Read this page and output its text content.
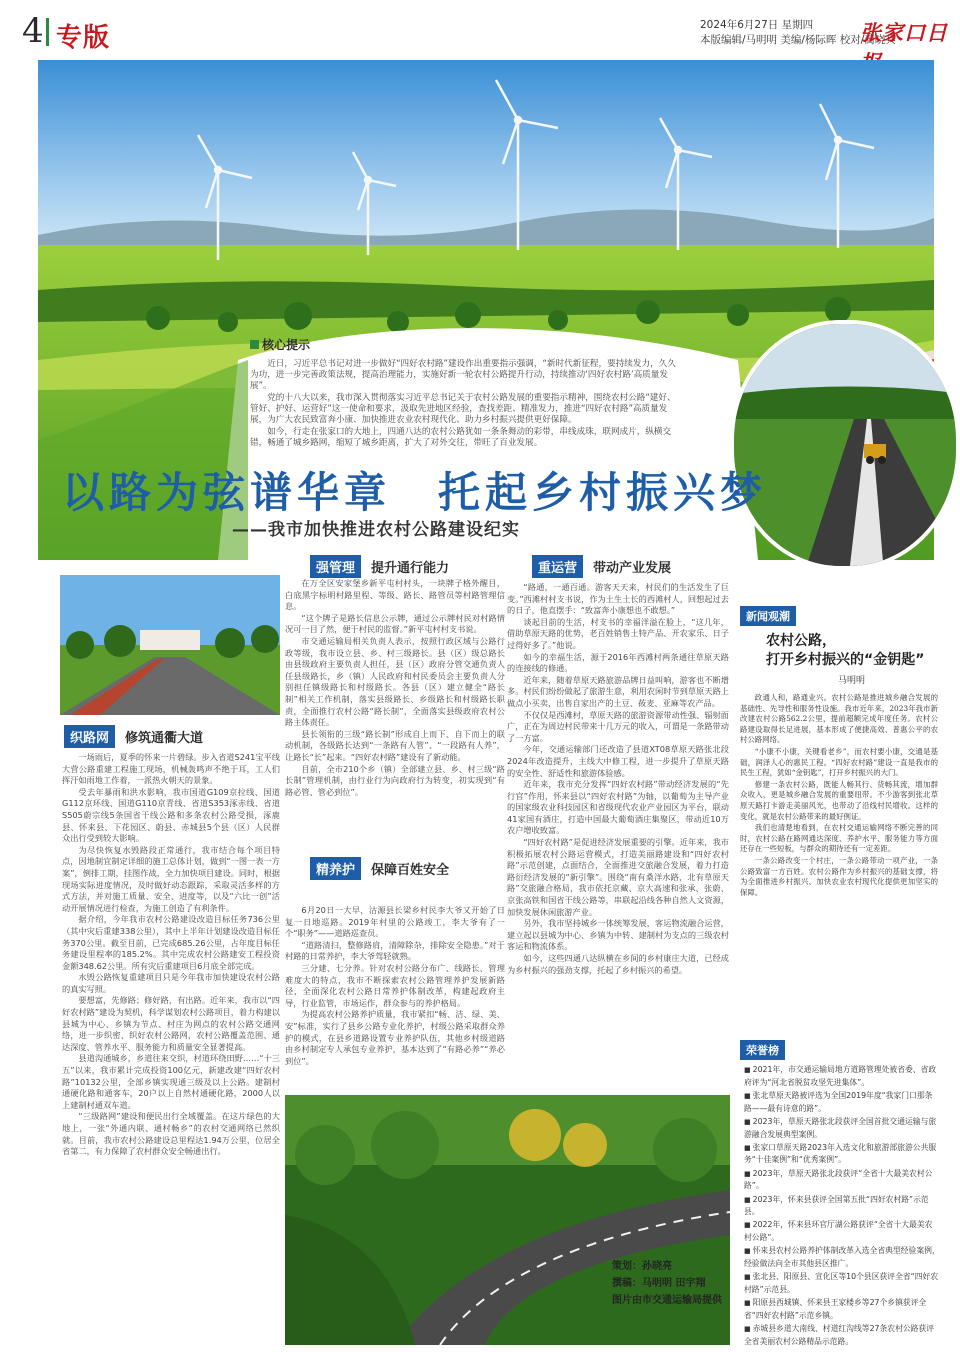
4 专版	2024年6月27日 星期四
本版编辑/马明明 美编/杨际晖 校对/蔺晓兵
张家口日
核心提示

近日，习近平总书记对进一步做好“四好农村路”建设作出重要指示强调，“新时代新征程，要持续发力，久久为功，进一步完善政策法规，提高治理能力，实施好新一轮农村公路提升行动，持续推动‘四好农村路’高质量发展”。

党的十八大以来，我市深入贯彻落实习近平总书记关于农村公路发展的重要指示精神，围绕农村公路“建好、管好、护好、运营好”这一使命和要求，汲取先进地区经验，查找差距、精准发力，推进“四好农村路”高质量发展，为广大农民致富奔小康、加快推进农业农村现代化、助力乡村振兴提供更好保障。

如今，行走在张家口的大地上，四通八达的农村公路犹如一条条舞动的彩带，串线成珠，联网成片，纵横交错，畅通了城乡路网，缩短了城乡距离，扩大了对外交往，带旺了百业发展。

以路为弦谱华章　托起乡村振兴梦
——我市加快推进农村公路建设纪实
织路网	修筑通衢大道
强管理	提升通行能力
精养护	保障百姓安全
重运营	带动产业发展

一场雨后，夏季的怀来一片碧绿。步入省道S241宝平线大营公路重建工程施工现场，机械轰鸣声不绝于耳，工人们挥汗如雨地工作着，一派热火朝天的景象。

受去年暴雨和洪水影响，我市国道G109京拉线、国道G112京环线、国道G110京青线、省道S353涿赤线、省道S505蔚宗线5条国省干线公路和多条农村公路受损，涿鹿县、怀来县、下花园区、蔚县、赤城县5个县（区）人民群众出行受到较大影响。

为尽快恢复水毁路段正常通行，我市结合每个项目特点，因地制宜制定详细的施工总体计划，做到“一图一表一方案”，倒排工期，挂图作战，全力加快项目建设。同时，根据现场实际进度情况，及时做好动态跟踪，采取灵活多样的方式方法，并对施工质量、安全、进度等，以及“六比一创”活动开展情况进行检查，为施工创造了有利条件。

据介绍，今年我市农村公路建设改造目标任务736公里（其中灾后重建338公里），其中上半年计划建设改造目标任务370公里。截至目前，已完成685.26公里，占年度目标任务建设里程率的185.2%。其中完成农村公路建安工程投资金额348.62公里。所有灾后重建项目6月底全部完成。

水毁公路恢复重建项目只是今年我市加快建设农村公路的真实写照。

要想富，先修路；修好路，有出路。近年来，我市以“四好农村路”建设为契机，科学谋划农村公路项目，着力构建以县城为中心、乡镇为节点、村庄为网点的农村公路交通网络，进一步织密、织好农村公路网，农村公路覆盖范围、通达深度、管养水平、服务能力和质量安全显著提高。

县道沟通城乡，乡道往来交织，村道环绕田野……“十三五”以来，我市累计完成投资100亿元，新建改建“四好农村路”10132公里，全部乡镇实现通三级及以上公路。建制村通硬化路和通客车，20户以上自然村通硬化路，2000人以上建制村通双车道。

“三级路网”建设和便民出行全域覆盖。在这片绿色的大地上，一张“外通内联、通村畅乡”的农村交通网络已然织就。目前，我市农村公路建设总里程达1.94万公里，位居全省第二，有力保障了农村群众安全畅通出行。

在万全区安家堡乡新平屯村村头，一块牌子格外醒目，白底黑字标明村路里程、等级、路长、路管员等村路管理信息。

“这个牌子是路长信息公示牌，通过公示牌村民对村路情况可一目了然，便于村民的监督。”新平屯村村支书说。

市交通运输局相关负责人表示，按照行政区域与公路行政等级，我市设立县、乡、村三级路长。县（区）级总路长由县级政府主要负责人担任，县（区）政府分管交通负责人任县级路长，乡（镇）人民政府和村民委员会主要负责人分别担任镇级路长和村级路长。各县（区）建立健全“路长制”相关工作机制，落实县级路长、乡级路长和村级路长职责，全面推行农村公路“路长制”，全面落实县级政府农村公路主体责任。

县长领衔的三级“路长制”形成自上而下、自下而上的联动机制，各级路长达到“一条路有人管”、“一段路有人养”，让路长“长”起来。“四好农村路”建设有了新动能。

目前，全市210个乡（镇）全部建立县、乡、村三级“路长制”管理机制，由行业行为向政府行为转变，初实现到“有路必管、管必到位”。

6月20日一大早，沽源县长梁乡村民李大爷又开始了日复一日地巡路。2019年村里的公路竣工，李大爷有了一个“职务”——道路巡查员。

“道路清扫，整修路肩，清障除杂，排除安全隐患。”对于村路的日常养护，李大爷驾轻就熟。

三分建、七分养。针对农村公路分布广、线路长、管理难度大的特点，我市不断探索农村公路管理养护发展新路径，全面深化农村公路日常养护体制改革，构建起政府主导，行业监管，市场运作，群众参与的养护格局。

为提高农村公路养护质量，我市紧扣“畅、洁、绿、美、安”标准，实行了县乡公路专业化养护，村级公路采取群众养护的模式，在县乡道路设置专业养护队伍，其他乡村级道路由乡村制定专人承包专业养护，基本达到了“有路必养”“养必到位”。

“路通，一通百通。游客天天来，村民们的生活发生了巨变。”西滩村村支书说，作为土生土长的西滩村人，回想起过去的日子，他直摆手：“致富奔小康想也不敢想。”

谈起目前的生活，村支书的幸福洋溢在脸上，“这几年，借助草原天路的优势，老百姓销售土特产品、开农家乐、日子过得好多了。”他说。

如今的幸福生活，源于2016年西滩村两条通往草原天路的连接线的修通。

近年来，随着草原天路旅游品牌日益叫响，游客也不断增多。村民们纷纷做起了旅游生意，利用农闲时节到草原天路上做点小买卖，出售自家出产的土豆、莜麦、亚麻等农产品。

不仅仅是西滩村，草原天路的旅游资源带动性强、辐射面广，正在为周边村民带来十几万元的收入，可谓是一条路带动了一方富。

今年，交通运输部门还改造了县道XT08草原天路张北段2024年改造提升，主线大中修工程，进一步提升了草原天路的安全性、舒适性和旅游体验感。

近年来，我市充分发挥“四好农村路”带动经济发展的“先行官”作用，怀来县以“四好农村路”为轴，以葡萄为主导产业的国家级农业科技园区和省级现代农业产业园区为平台，联动41家国有酒庄，打造中国最大葡萄酒庄集聚区，带动近10万农户增收致富。

“四好农村路”是促进经济发展重要的引擎。近年来，我市积极拓展农村公路运营模式，打造美丽路建设和“四好农村路”示范创建，点面结合，全面推进交旅融合发展，着力打造路衍经济发展的“新引擎”。围绕“南有桑洋水路，北有草原天路”交旅融合格局，我市依托京藏、京大高速和张承、张蔚、京张高铁和国省干线公路等，串联起沿线各种自然人文资源，加快发展休闲旅游产业。

另外，我市坚持城乡一体统筹发展，客运物流融合运营，建立起以县城为中心、乡镇为中转、建制村为支点的三级农村客运和物流体系。

如今，这些四通八达纵横在乡间的乡村康庄大道，已经成为乡村振兴的强劲支撑，托起了乡村振兴的希望。

策划：孙晓亮
撰稿：马明明 田宇翔
图片由市交通运输局提供
新闻观潮
农村公路，
打开乡村振兴的“金钥匙”
马明明

政通人和，路通业兴。农村公路是推进城乡融合发展的基础性、先导性和服务性设施。我市近年来，2023年我市新改建农村公路562.2公里，提前超额完成年度任务。农村公路建设取得长足进展，基本形成了便捷高效、普惠公平的农村公路网络。

“小康不小康，关键看老乡”，而农村要小康，交通是基础，润泽人心的惠民工程。“四好农村路”建设一直是我市的民生工程，犹如“金钥匙”，打开乡村振兴的大门。

修建一条农村公路，既能人畅其行、货畅其流，增加群众收入，更是城乡融合发展的重要纽带。不少游客到张北草原天路打卡游走美丽风光，也带动了沿线村民增收。这样的变化，就是农村公路带来的最好例证。

我们也清楚地看到，在农村交通运输网络不断完善的同时，农村公路在路网通达深度、养护水平、服务能力等方面还存在一些短板，与群众的期待还有一定差距。

一条公路改变一个村庄，一条公路带动一项产业，一条公路致富一方百姓。农村公路作为乡村振兴的基础支撑，将为全面推进乡村振兴、加快农业农村现代化提供更加坚实的保障。

荣誉榜
■ 2021年，市交通运输局地方道路管理处被省委、省政府评为“河北省脱贫攻坚先进集体”。
■ 张北草原天路被评选为全国2019年度“我家门口那条路——最有诗意的路”。
■ 2023年，草原天路张北段获评全国首批交通运输与旅游融合发展典型案例。
■ 张家口草原天路2023年入选文化和旅游部旅游公共服务“十佳案例”和“优秀案例”。
■ 2023年，草原天路张北段获评“全省十大最美农村公路”。
■ 2023年，怀来县获评全国第五批“四好农村路”示范县。
■ 2022年，怀来县环官厅湖公路获评“全省十大最美农村公路”。
■ 怀来县农村公路养护体制改革入选全省典型经验案例，经验做法向全市其他县区推广。
■ 张北县、阳原县、宣化区等10个县区获评全省“四好农村路”示范县。
■ 阳原县西城镇、怀来县王家楼乡等27个乡镇获评全省“四好农村路”示范乡镇。
■ 赤城县乡道大南线、村道红沟线等27条农村公路获评全省美丽农村公路精品示范路。
